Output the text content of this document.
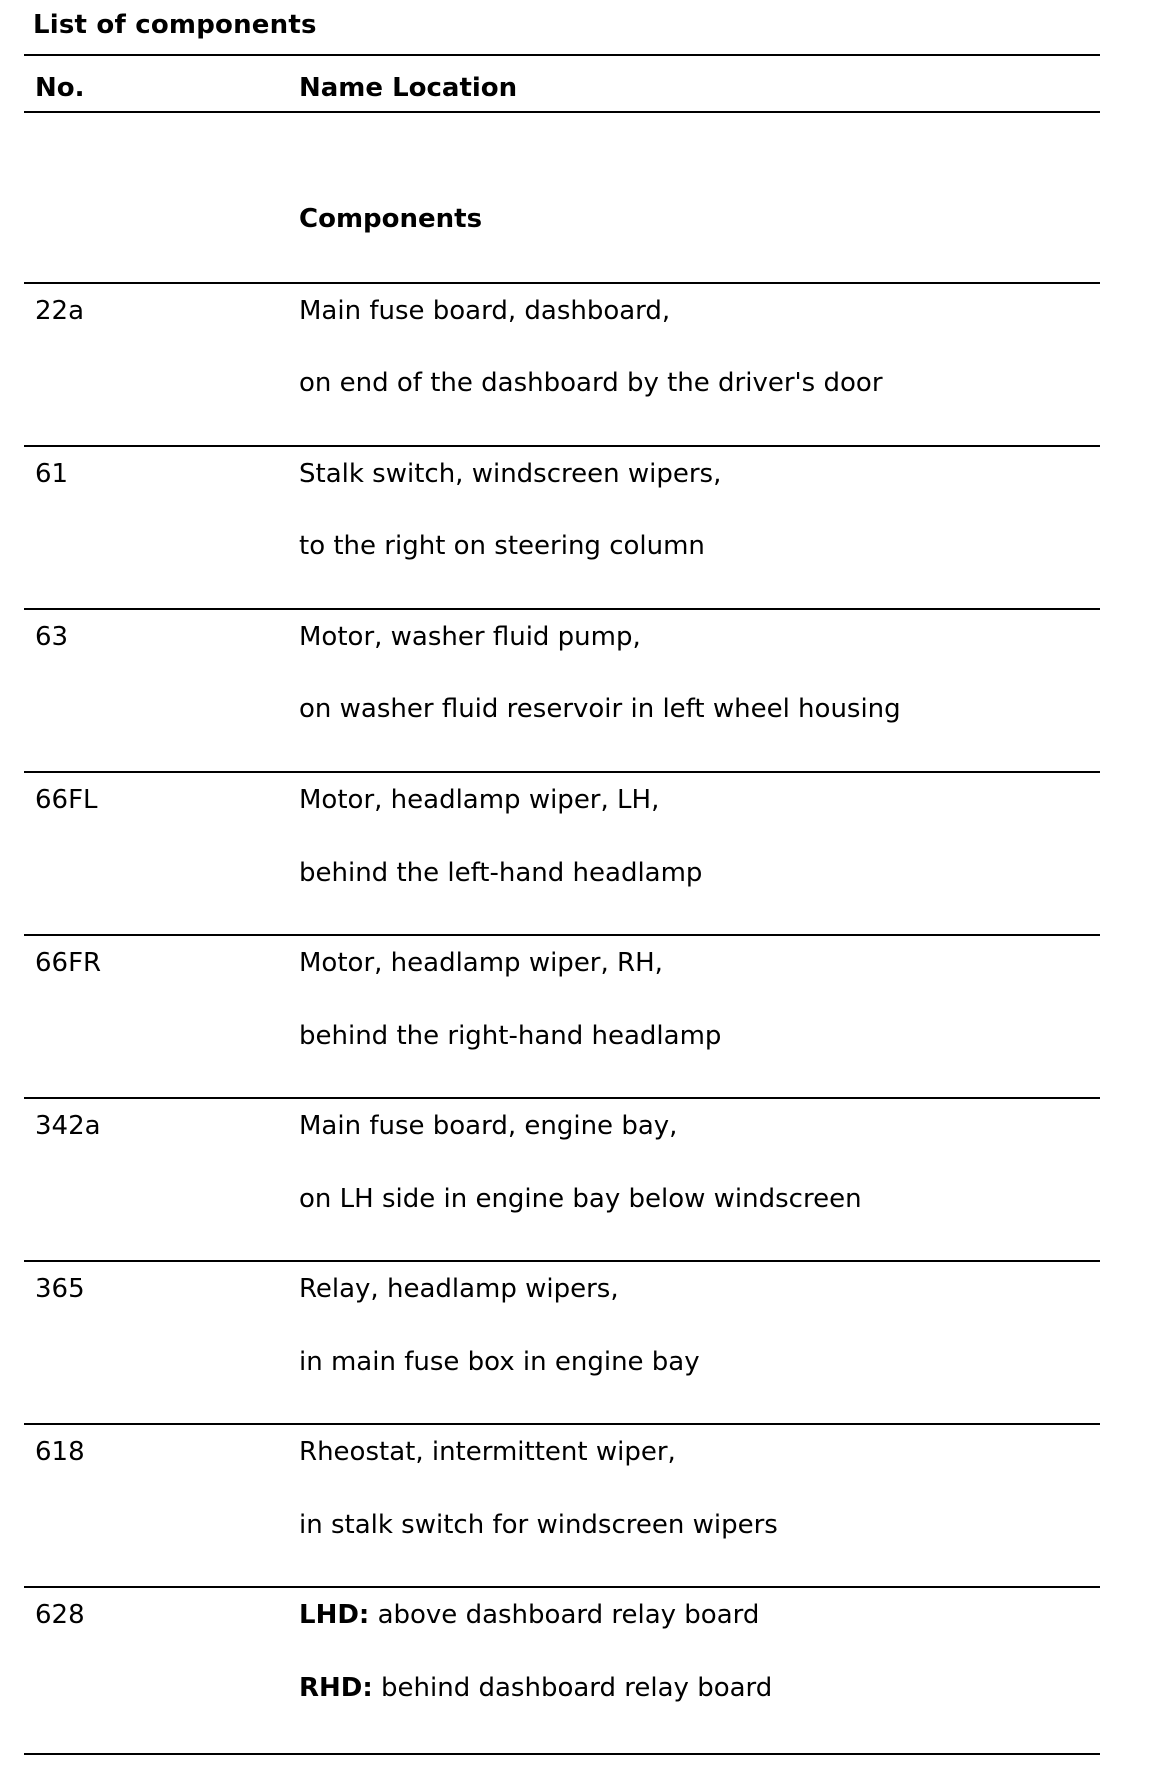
List of components
No.	Name Location
Components
22a	Main fuse board, dashboard,
on end of the dashboard by the driver's door
61	Stalk switch, windscreen wipers,
to the right on steering column
63	Motor, washer fluid pump,
on washer fluid reservoir in left wheel housing
66FL	Motor, headlamp wiper, LH,
behind the left-hand headlamp
66FR	Motor, headlamp wiper, RH,
behind the right-hand headlamp
342a	Main fuse board, engine bay,
on LH side in engine bay below windscreen
365	Relay, headlamp wipers,
in main fuse box in engine bay
618	Rheostat, intermittent wiper,
in stalk switch for windscreen wipers
628	LHD: above dashboard relay board
RHD: behind dashboard relay board
